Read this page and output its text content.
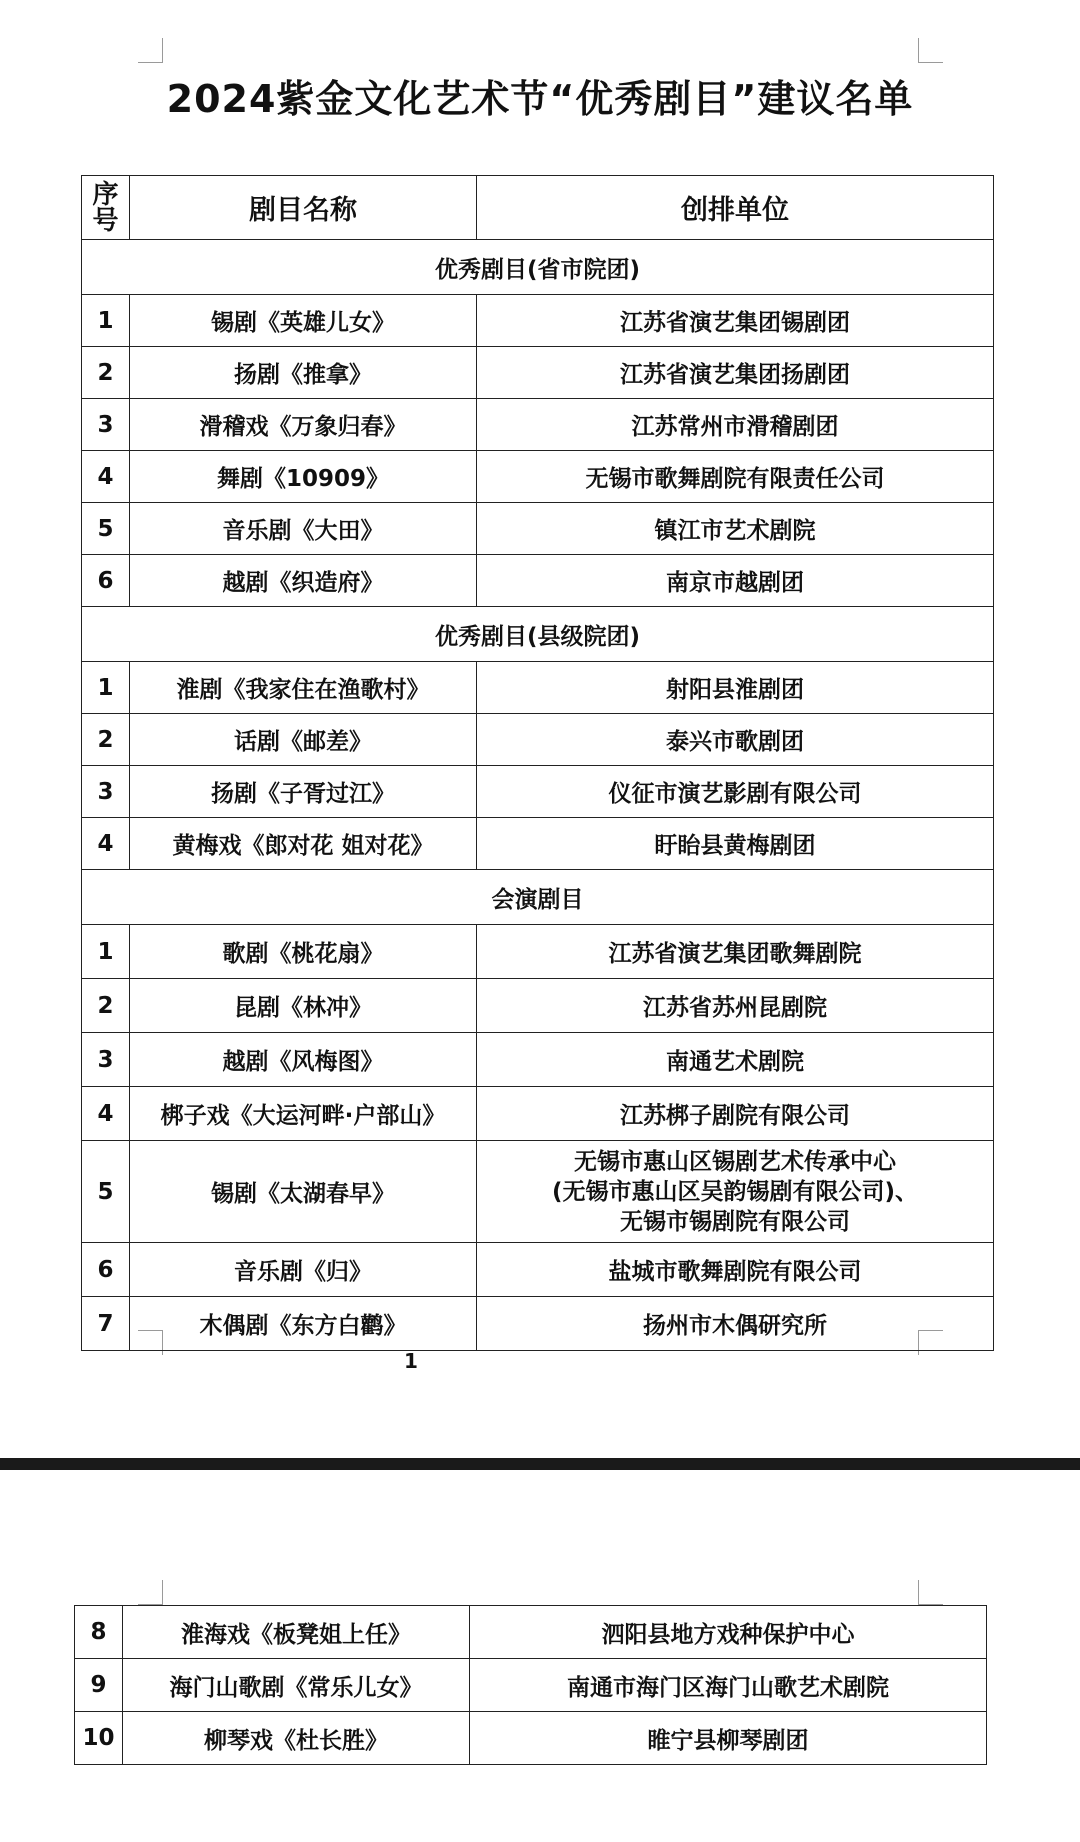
2024紫金文化艺术节“优秀剧目”建议名单
序号	剧目名称	创排单位
优秀剧目(省市院团)		
1	锡剧《英雄儿女》	江苏省演艺集团锡剧团
2	扬剧《推拿》	江苏省演艺集团扬剧团
3	滑稽戏《万象归春》	江苏常州市滑稽剧团
4	舞剧《10909》	无锡市歌舞剧院有限责任公司
5	音乐剧《大田》	镇江市艺术剧院
6	越剧《织造府》	南京市越剧团
优秀剧目(县级院团)		
1	淮剧《我家住在渔歌村》	射阳县淮剧团
2	话剧《邮差》	泰兴市歌剧团
3	扬剧《子胥过江》	仪征市演艺影剧有限公司
4	黄梅戏《郎对花 姐对花》	盱眙县黄梅剧团
会演剧目		
1	歌剧《桃花扇》	江苏省演艺集团歌舞剧院
2	昆剧《林冲》	江苏省苏州昆剧院
3	越剧《风梅图》	南通艺术剧院
4	梆子戏《大运河畔·户部山》	江苏梆子剧院有限公司
5	锡剧《太湖春早》	无锡市惠山区锡剧艺术传承中心
(无锡市惠山区吴韵锡剧有限公司)、
无锡市锡剧院有限公司

6	音乐剧《归》	盐城市歌舞剧院有限公司
7	木偶剧《东方白鹳》	扬州市木偶研究所
1
8	淮海戏《板凳姐上任》	泗阳县地方戏种保护中心
9	海门山歌剧《常乐儿女》	南通市海门区海门山歌艺术剧院
10	柳琴戏《杜长胜》	睢宁县柳琴剧团
